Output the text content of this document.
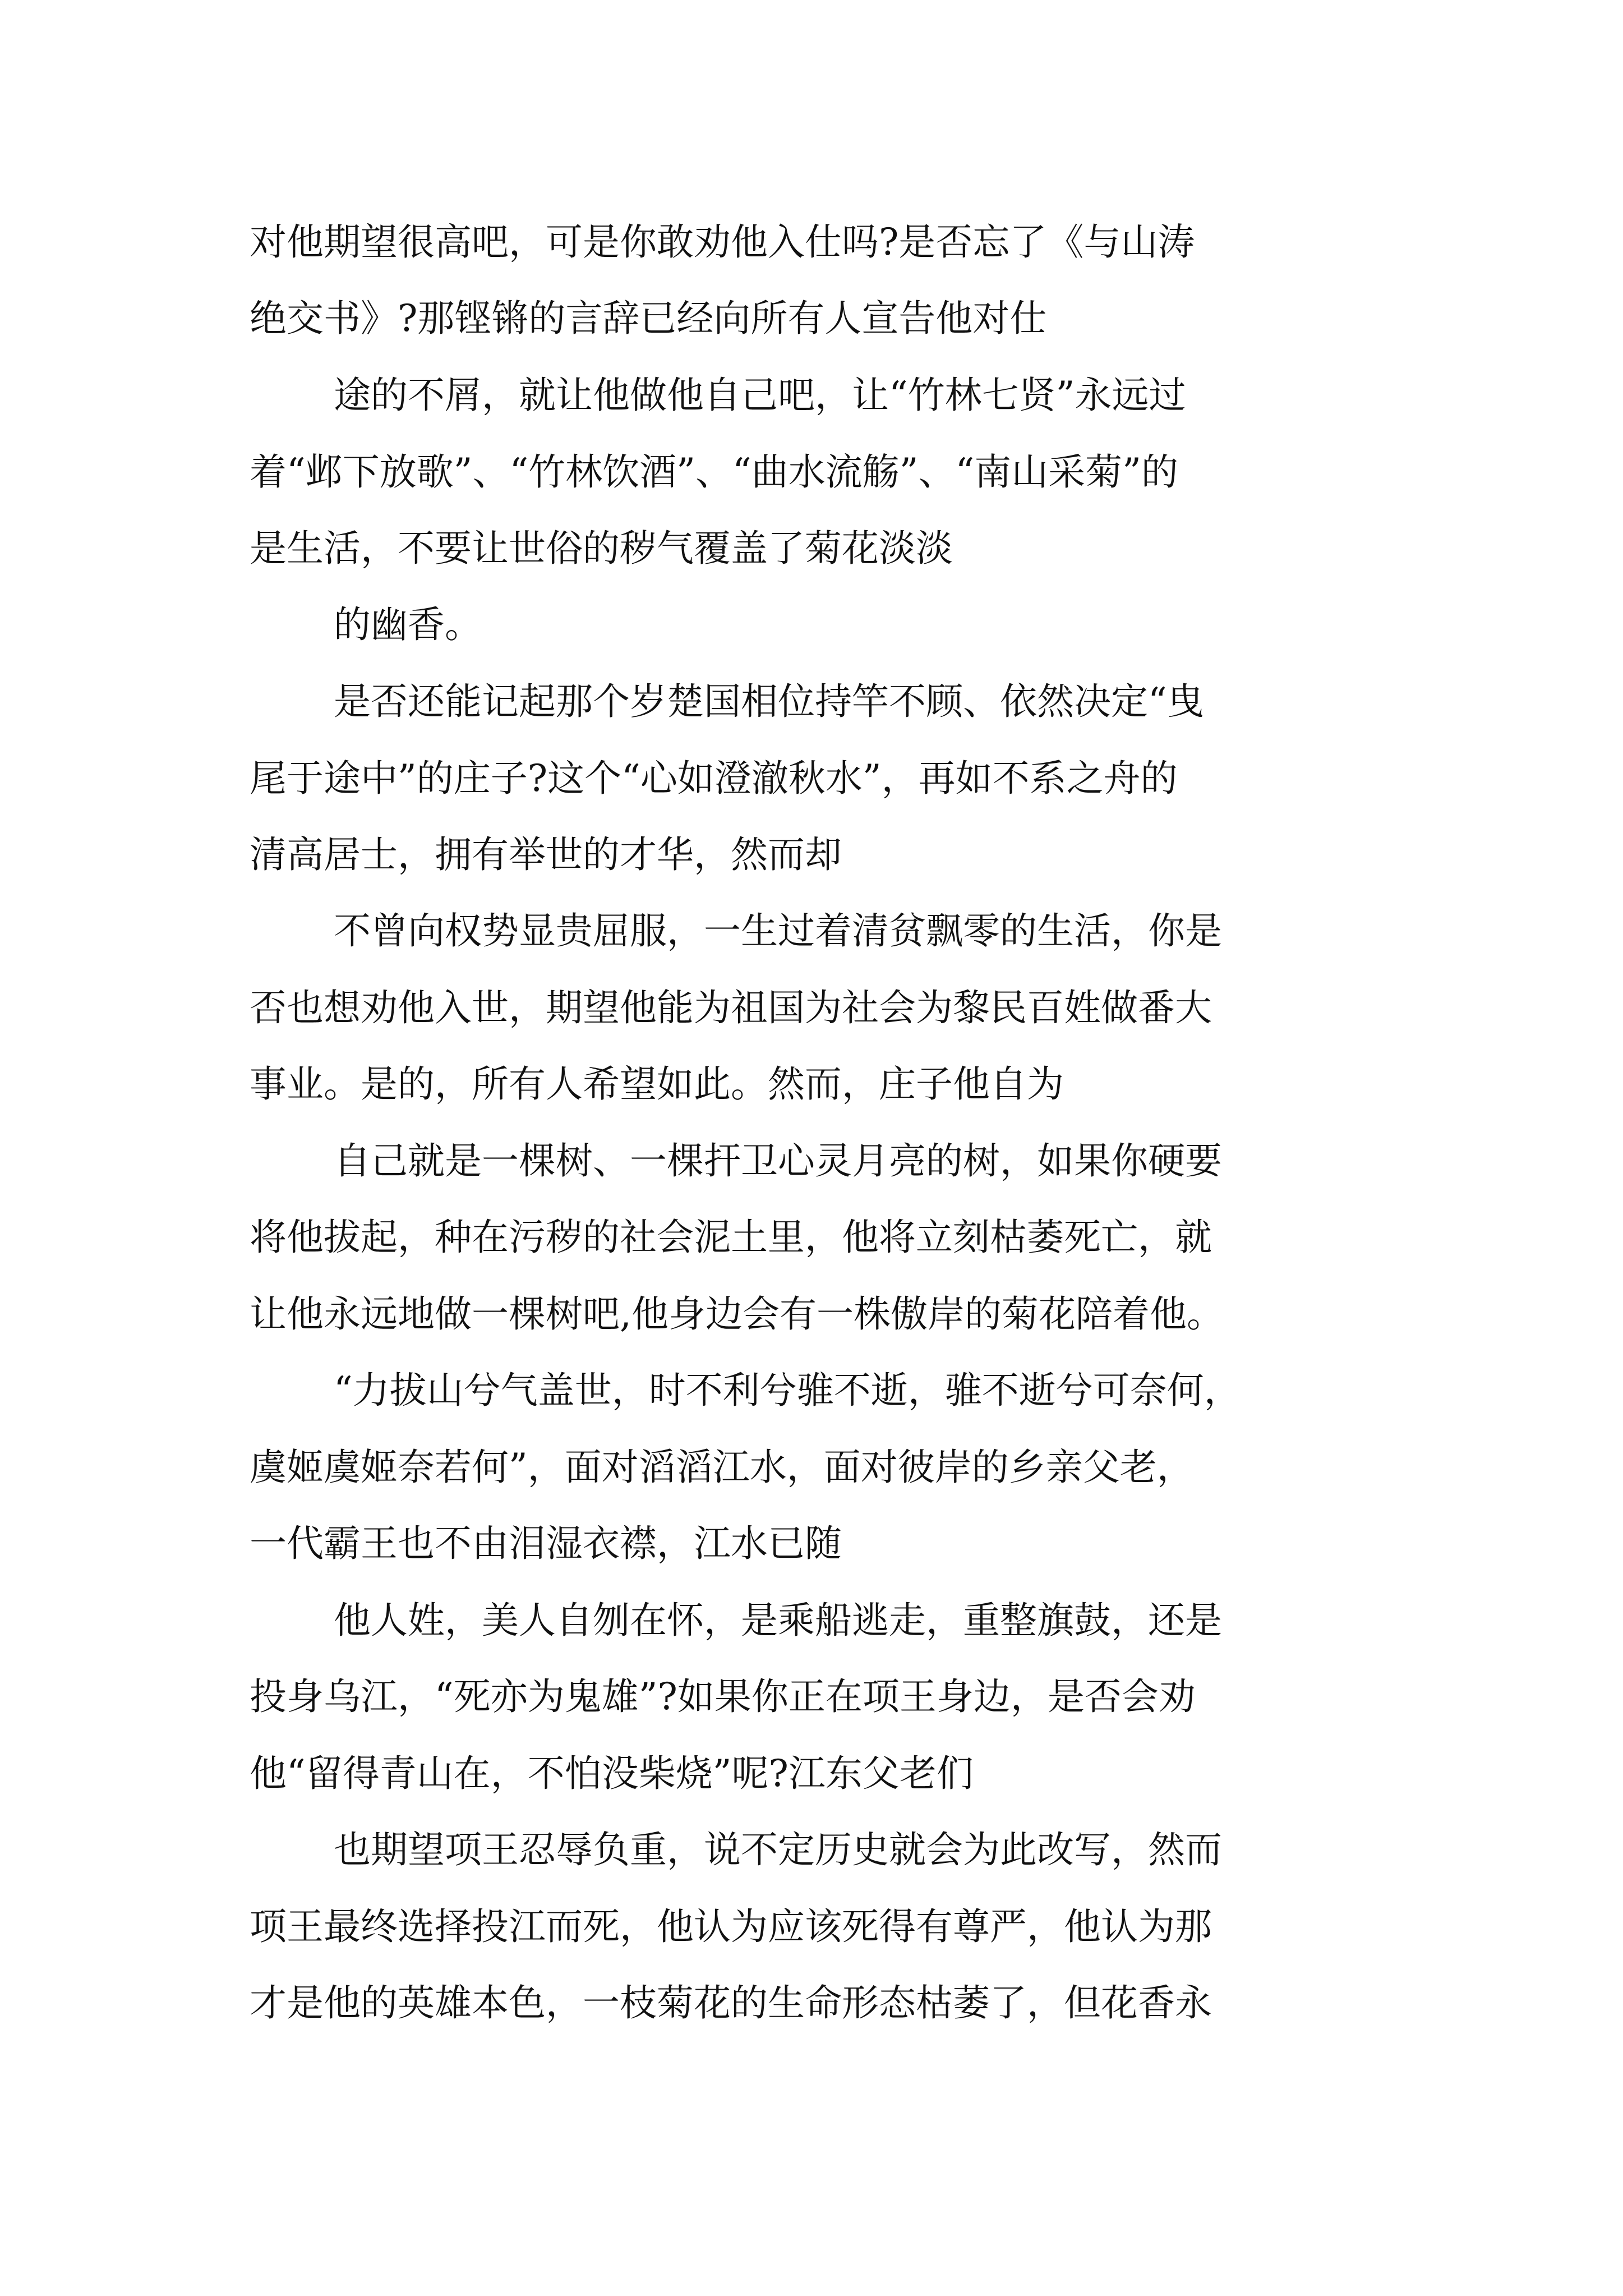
对他期望很高吧，可是你敢劝他入仕吗?是否忘了《与山涛
绝交书》?那铿锵的言辞已经向所有人宣告他对仕
途的不屑，就让他做他自己吧，让“竹林七贤”永远过
着“邺下放歌”、“竹林饮酒”、“曲水流觞”、“南山采菊”的
是生活，不要让世俗的秽气覆盖了菊花淡淡
的幽香。
是否还能记起那个岁楚国相位持竿不顾、依然决定“曳
尾于途中”的庄子?这个“心如澄澈秋水”，再如不系之舟的
清高居士，拥有举世的才华，然而却
不曾向权势显贵屈服，一生过着清贫飘零的生活，你是
否也想劝他入世，期望他能为祖国为社会为黎民百姓做番大
事业。是的，所有人希望如此。然而，庄子他自为
自己就是一棵树、一棵扞卫心灵月亮的树，如果你硬要
将他拔起，种在污秽的社会泥土里，他将立刻枯萎死亡，就
让他永远地做一棵树吧,他身边会有一株傲岸的菊花陪着他。
“力拔山兮气盖世，时不利兮骓不逝，骓不逝兮可奈何，
虞姬虞姬奈若何”，面对滔滔江水，面对彼岸的乡亲父老，
一代霸王也不由泪湿衣襟，江水已随
他人姓，美人自刎在怀，是乘船逃走，重整旗鼓，还是
投身乌江，“死亦为鬼雄”?如果你正在项王身边，是否会劝
他“留得青山在，不怕没柴烧”呢?江东父老们
也期望项王忍辱负重，说不定历史就会为此改写，然而
项王最终选择投江而死，他认为应该死得有尊严，他认为那
才是他的英雄本色，一枝菊花的生命形态枯萎了，但花香永
